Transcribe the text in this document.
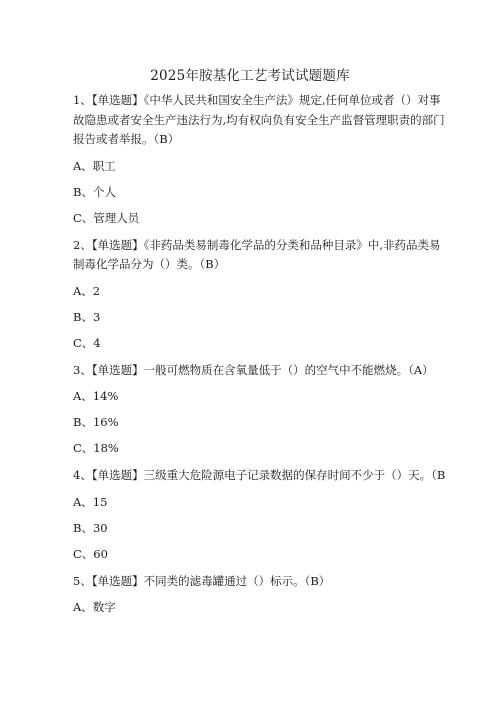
2025年胺基化工艺考试试题题库
1、【单选题】《中华人民共和国安全生产法》规定,任何单位或者（）对事
故隐患或者安全生产违法行为,均有权向负有安全生产监督管理职责的部门
报告或者举报。（B）
A、职工
B、个人
C、管理人员
2、【单选题】《非药品类易制毒化学品的分类和品种目录》中,非药品类易
制毒化学品分为（）类。（B）
A、2
B、3
C、4
3、【单选题】一般可燃物质在含氧量低于（）的空气中不能燃烧。（A）
A、14%
B、16%
C、18%
4、【单选题】三级重大危险源电子记录数据的保存时间不少于（）天。（B
A、15
B、30
C、60
5、【单选题】不同类的滤毒罐通过（）标示。（B）
A、数字
